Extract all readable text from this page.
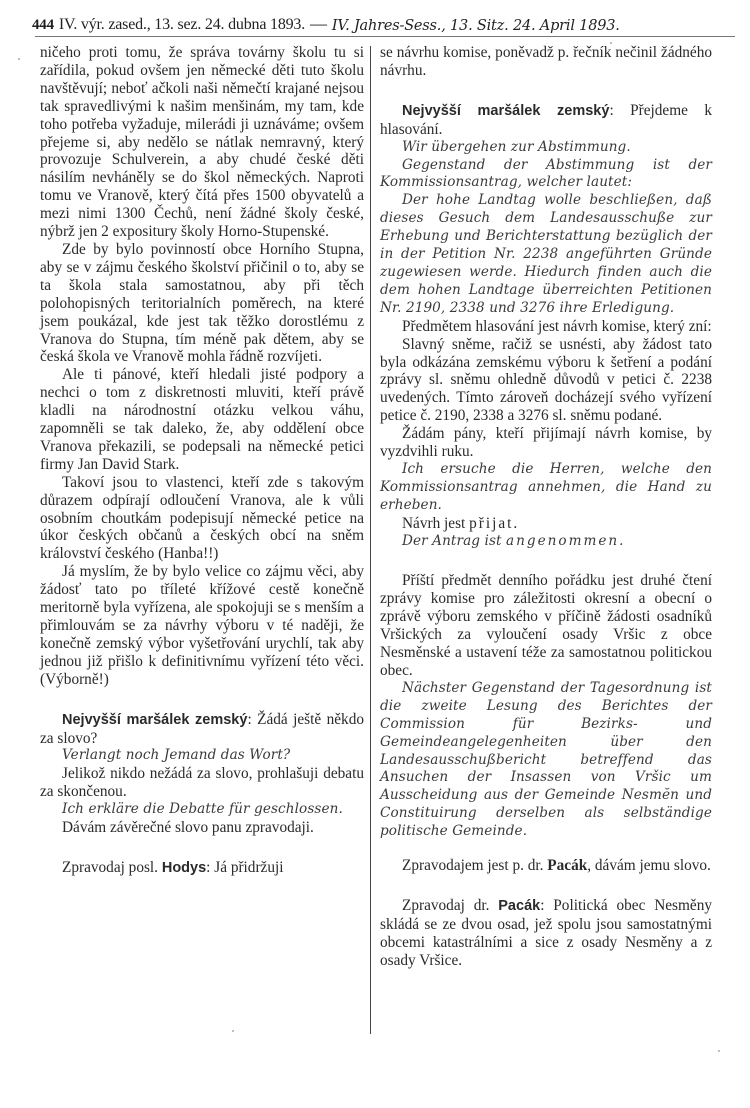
444 IV. výr. zased., 13. sez. 24. dubna 1893. — IV. Jahres-Sess., 13. Sitz. 24. April 1893.

ničeho proti tomu, že správa továrny školu tu si zařídila, pokud ovšem jen německé děti tuto školu navštěvují; neboť ačkoli naši němečtí krajané nejsou tak spravedlivými k našim menšinám, my tam, kde toho potřeba vyžaduje, milerádi ji uznáváme; ovšem přejeme si, aby nedělo se nátlak nemravný, který provozuje Schulverein, a aby chudé české děti násilím nevháněly se do škol německých. Naproti tomu ve Vranově, který čítá přes 1500 obyvatelů a mezi nimi 1300 Čechů, není žádné školy české, nýbrž jen 2 expositury školy Horno-Stupenské.

Zde by bylo povinností obce Horního Stupna, aby se v zájmu českého školství přičinil o to, aby se ta škola stala samostatnou, aby při těch polohopisných teritorialních poměrech, na které jsem poukázal, kde jest tak těžko dorostlému z Vranova do Stupna, tím méně pak dětem, aby se česká škola ve Vranově mohla řádně rozvíjeti.

Ale ti pánové, kteří hledali jisté podpory a nechci o tom z diskretnosti mluviti, kteří právě kladli na národnostní otázku velkou váhu, zapomněli se tak daleko, že, aby oddělení obce Vranova překazili, se podepsali na německé petici firmy Jan David Stark.

Takoví jsou to vlastenci, kteří zde s takovým důrazem odpírají odloučení Vranova, ale k vůli osobním choutkám podepisují německé petice na úkor českých občanů a českých obcí na sněm království českého (Hanba!!)

Já myslím, že by bylo velice co zájmu věci, aby žádosť tato po tříleté křížové cestě konečně meritorně byla vyřízena, ale spokojuji se s menším a přimlouvám se za návrhy výboru v té naději, že konečně zemský výbor vyšetřování urychlí, tak aby jednou již přišlo k definitivnímu vyřízení této věci. (Výborně!)

Nejvyšší maršálek zemský: Žádá ještě někdo za slovo?

Verlangt noch Jemand das Wort?

Jelikož nikdo nežádá za slovo, prohlašuji debatu za skončenou.

Ich erkläre die Debatte für geschlossen.

Dávám závěrečné slovo panu zpravodaji.

Zpravodaj posl. Hodys: Já přidržuji

se návrhu komise, poněvadž p. řečník nečinil žádného návrhu.

Nejvyšší maršálek zemský: Přejdeme k hlasování.

Wir übergehen zur Abstimmung.

Gegenstand der Abstimmung ist der Kommissionsantrag, welcher lautet:

Der hohe Landtag wolle beschließen, daß dieses Gesuch dem Landesausschuße zur Erhebung und Berichterstattung bezüglich der in der Petition Nr. 2238 angeführten Gründe zugewiesen werde. Hiedurch finden auch die dem hohen Landtage überreichten Petitionen Nr. 2190, 2338 und 3276 ihre Erledigung.

Předmětem hlasování jest návrh komise, který zní:

Slavný sněme, račiž se usnésti, aby žádost tato byla odkázána zemskému výboru k šetření a podání zprávy sl. sněmu ohledně důvodů v petici č. 2238 uvedených. Tímto zároveň docházejí svého vyřízení petice č. 2190, 2338 a 3276 sl. sněmu podané.

Žádám pány, kteří přijímají návrh komise, by vyzdvihli ruku.

Ich ersuche die Herren, welche den Kommissionsantrag annehmen, die Hand zu erheben.

Návrh jest přijat.

Der Antrag ist angenommen.

Příští předmět denního pořádku jest druhé čtení zprávy komise pro záležitosti okresní a obecní o zprávě výboru zemského v příčině žádosti osadníků Vršických za vyloučení osady Vršic z obce Nesměnské a ustavení téže za samostatnou politickou obec.

Nächster Gegenstand der Tagesordnung ist die zweite Lesung des Berichtes der Commission für Bezirks- und Gemeindeangelegenheiten über den Landesausschußbericht betreffend das Ansuchen der Insassen von Vršic um Ausscheidung aus der Gemeinde Nesmĕn und Constituirung derselben als selbständige politische Gemeinde.

Zpravodajem jest p. dr. Pacák, dávám jemu slovo.

Zpravodaj dr. Pacák: Politická obec Nesměny skládá se ze dvou osad, jež spolu jsou samostatnými obcemi katastrálními a sice z osady Nesměny a z osady Vršice.
